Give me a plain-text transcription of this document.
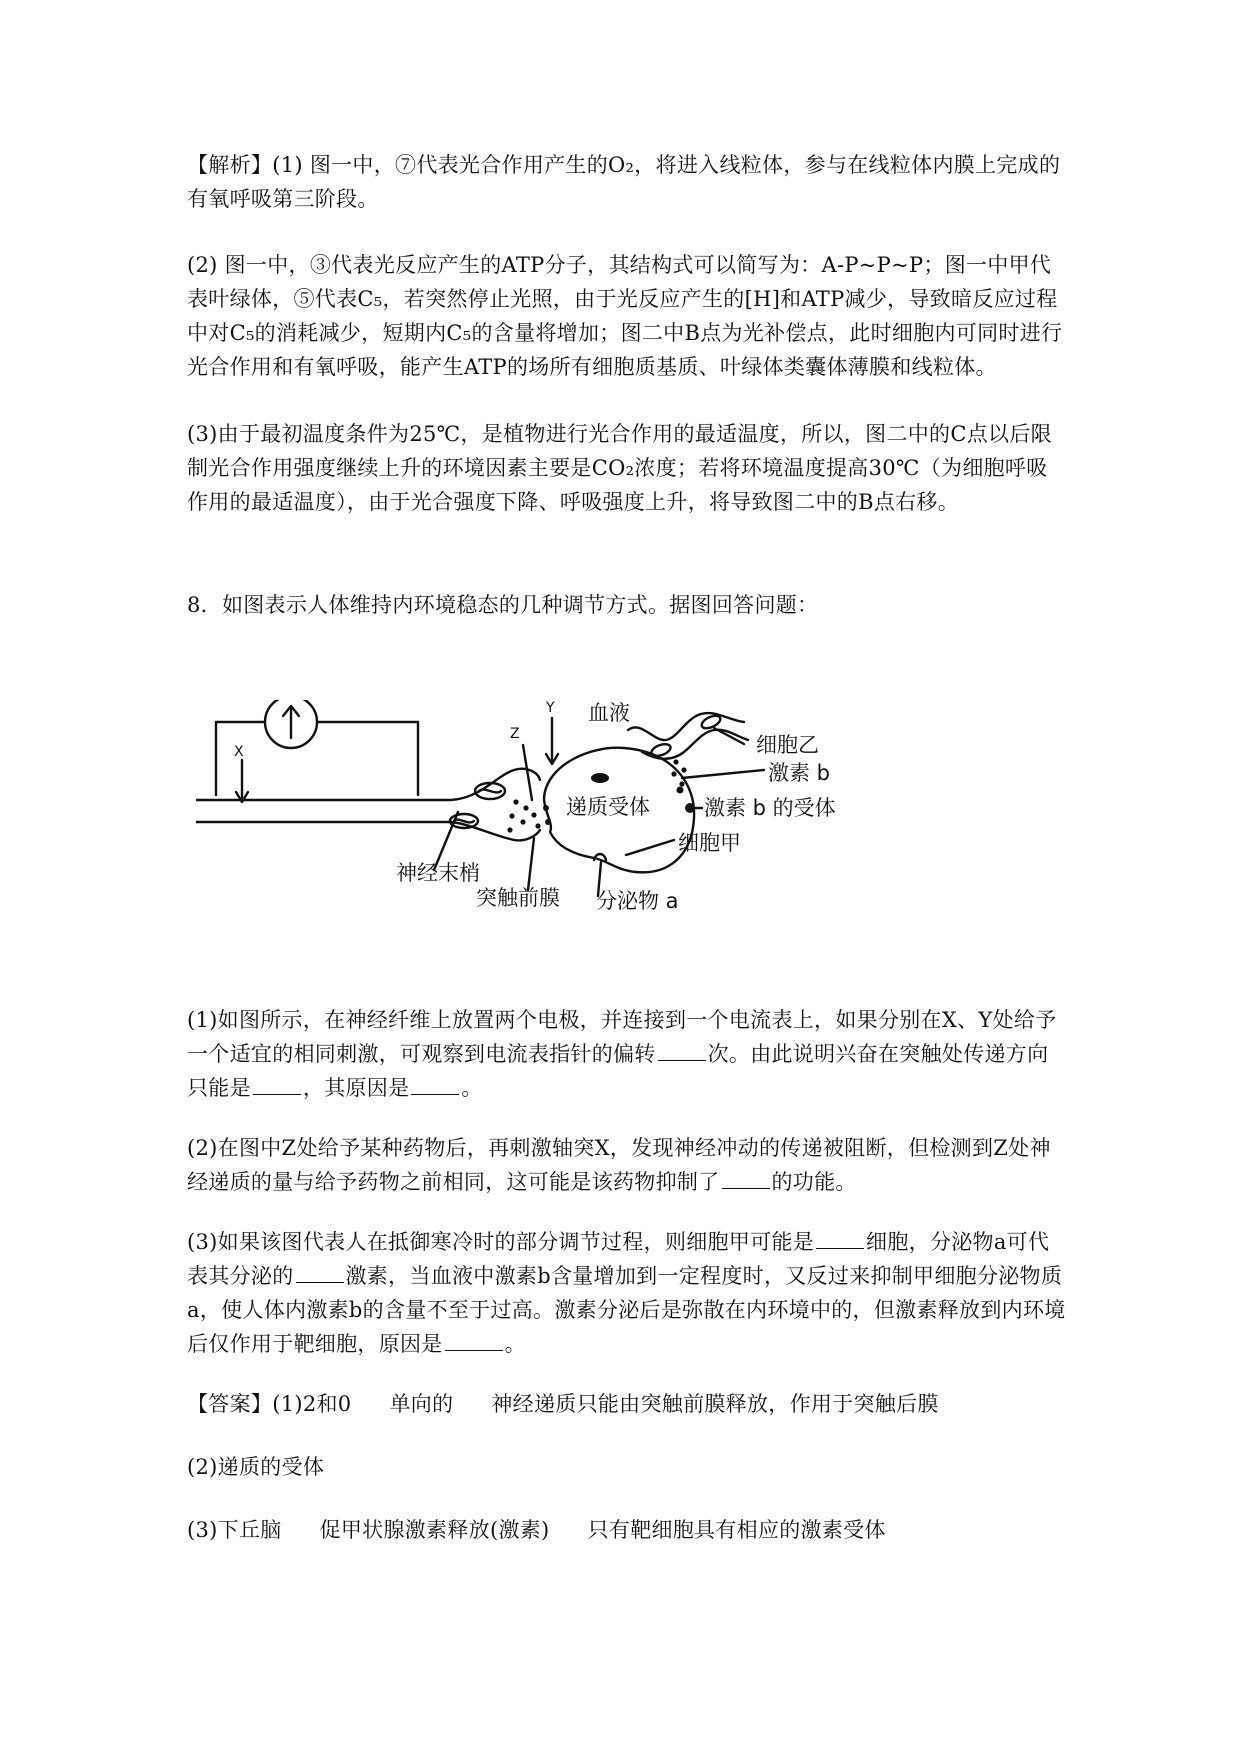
【解析】(1) 图一中，⑦代表光合作用产生的O₂，将进入线粒体，参与在线粒体内膜上完成的有氧呼吸第三阶段。

(2) 图一中，③代表光反应产生的ATP分子，其结构式可以简写为：A-P~P~P；图一中甲代表叶绿体，⑤代表C₅，若突然停止光照，由于光反应产生的[H]和ATP减少，导致暗反应过程中对C₅的消耗减少，短期内C₅的含量将增加；图二中B点为光补偿点，此时细胞内可同时进行光合作用和有氧呼吸，能产生ATP的场所有细胞质基质、叶绿体类囊体薄膜和线粒体。

(3)由于最初温度条件为25℃，是植物进行光合作用的最适温度，所以，图二中的C点以后限制光合作用强度继续上升的环境因素主要是CO₂浓度；若将环境温度提高30℃（为细胞呼吸作用的最适温度），由于光合强度下降、呼吸强度上升，将导致图二中的B点右移。

8．如图表示人体维持内环境稳态的几种调节方式。据图回答问题：

X
Y
Z
血液
细胞乙
激素 b
递质受体	激素 b 的受体
细胞甲
神经末梢
突触前膜 分泌物 a

(1)如图所示，在神经纤维上放置两个电极，并连接到一个电流表上，如果分别在X、Y处给予一个适宜的相同刺激，可观察到电流表指针的偏转 次。由此说明兴奋在突触处传递方向只能是 ，其原因是 。

(2)在图中Z处给予某种药物后，再刺激轴突X，发现神经冲动的传递被阻断，但检测到Z处神经递质的量与给予药物之前相同，这可能是该药物抑制了 的功能。

(3)如果该图代表人在抵御寒冷时的部分调节过程，则细胞甲可能是 细胞，分泌物a可代表其分泌的 激素，当血液中激素b含量增加到一定程度时，又反过来抑制甲细胞分泌物质a，使人体内激素b的含量不至于过高。激素分泌后是弥散在内环境中的，但激素释放到内环境后仅作用于靶细胞，原因是	。

【答案】(1)2和0 单向的 神经递质只能由突触前膜释放，作用于突触后膜

(2)递质的受体

(3)下丘脑 促甲状腺激素释放(激素) 只有靶细胞具有相应的激素受体
